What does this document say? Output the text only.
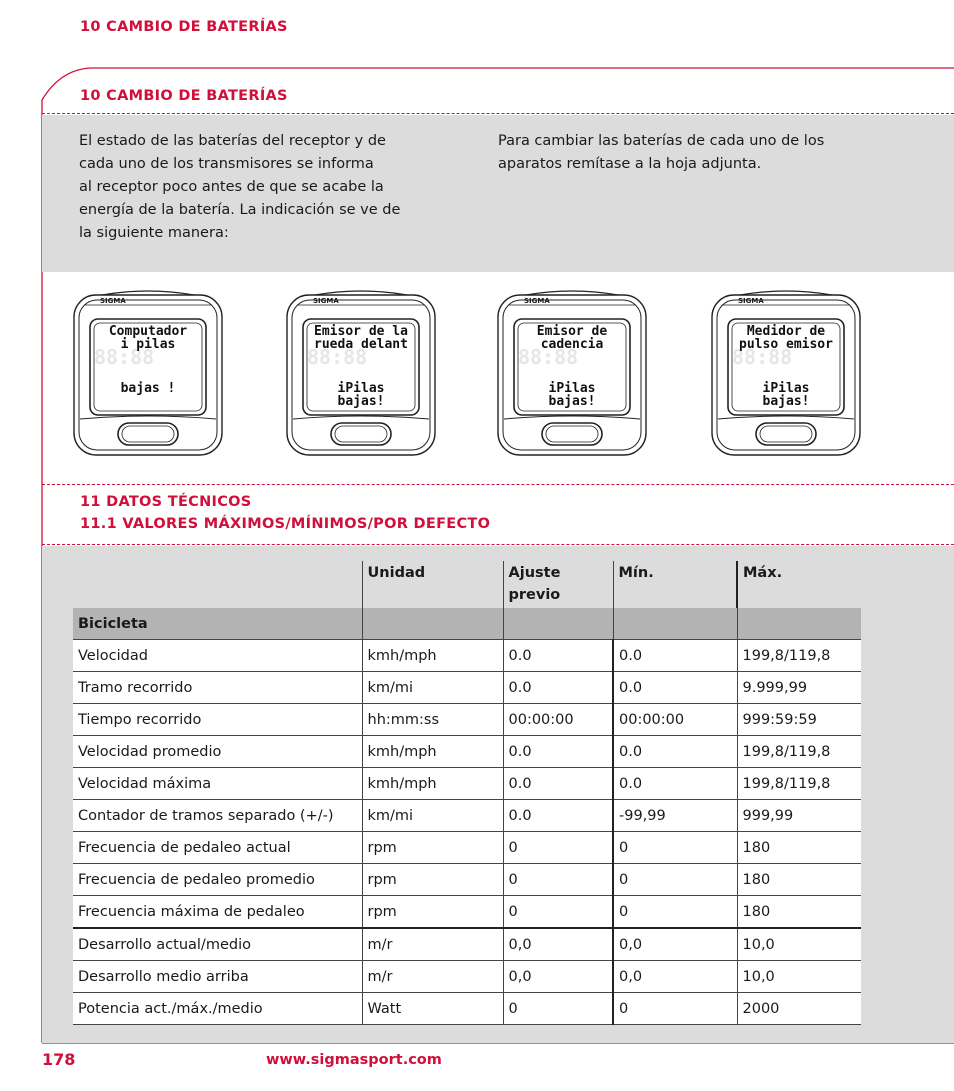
10 CAMBIO DE BATERÍAS
10 CAMBIO DE BATERÍAS
El estado de las baterías del receptor y de
cada uno de los transmisores se informa
al receptor poco antes de que se acabe la
energía de la batería. La indicación se ve de
la siguiente manera:
Para cambiar las baterías de cada uno de los
aparatos remítase a la hoja adjunta.
88:88
SIGMA
Computador
i pilas
bajas !
88:88
SIGMA
Emisor de la
rueda delant
iPilas
bajas!
88:88
SIGMA
Emisor de
cadencia
iPilas
bajas!
88:88
SIGMA
Medidor de
pulso emisor
iPilas
bajas!
11 DATOS TÉCNICOS
11.1 VALORES MÁXIMOS/MÍNIMOS/POR DEFECTO
	Unidad	Ajuste previo	Mín.	Máx.
Bicicleta				
Velocidad	kmh/mph	0.0	0.0	199,8/119,8
Tramo recorrido	km/mi	0.0	0.0	9.999,99
Tiempo recorrido	hh:mm:ss	00:00:00	00:00:00	999:59:59
Velocidad promedio	kmh/mph	0.0	0.0	199,8/119,8
Velocidad máxima	kmh/mph	0.0	0.0	199,8/119,8
Contador de tramos separado (+/-)	km/mi	0.0	-99,99	999,99
Frecuencia de pedaleo actual	rpm	0	0	180
Frecuencia de pedaleo promedio	rpm	0	0	180
Frecuencia máxima de pedaleo	rpm	0	0	180
Desarrollo actual/medio	m/r	0,0	0,0	10,0
Desarrollo medio arriba	m/r	0,0	0,0	10,0
Potencia act./máx./medio	Watt	0	0	2000
178	www.sigmasport.com
